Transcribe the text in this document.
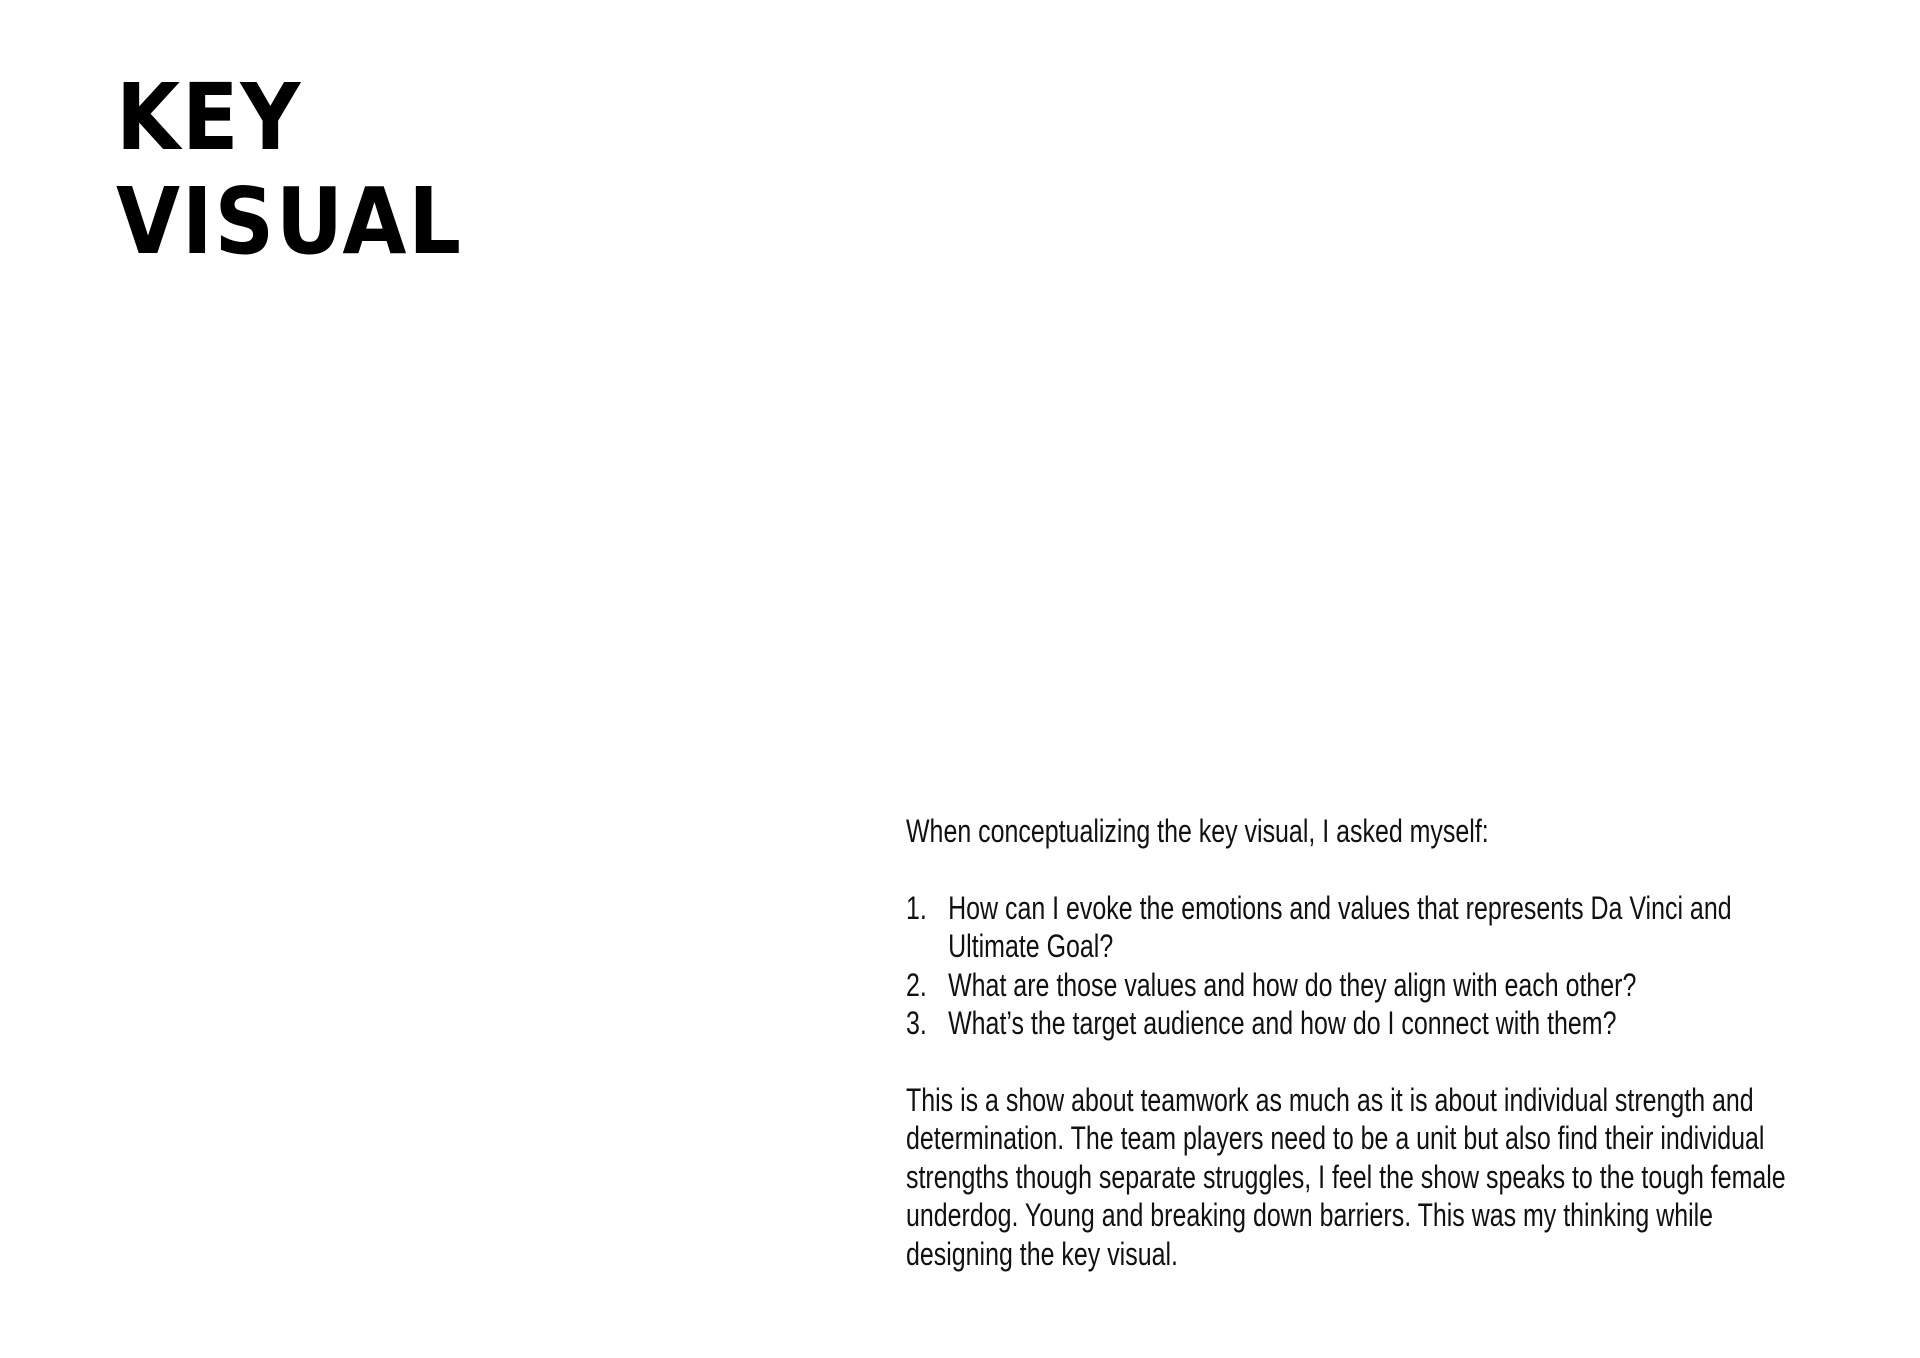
KEY
VISUAL

When conceptualizing the key visual, I asked myself:

1. How can I evoke the emotions and values that represents Da Vinci and Ultimate Goal?
2. What are those values and how do they align with each other?
3. What’s the target audience and how do I connect with them?

This is a show about teamwork as much as it is about individual strength and determination. The team players need to be a unit but also find their individual strengths though separate struggles, I feel the show speaks to the tough female underdog. Young and breaking down barriers. This was my thinking while designing the key visual.
